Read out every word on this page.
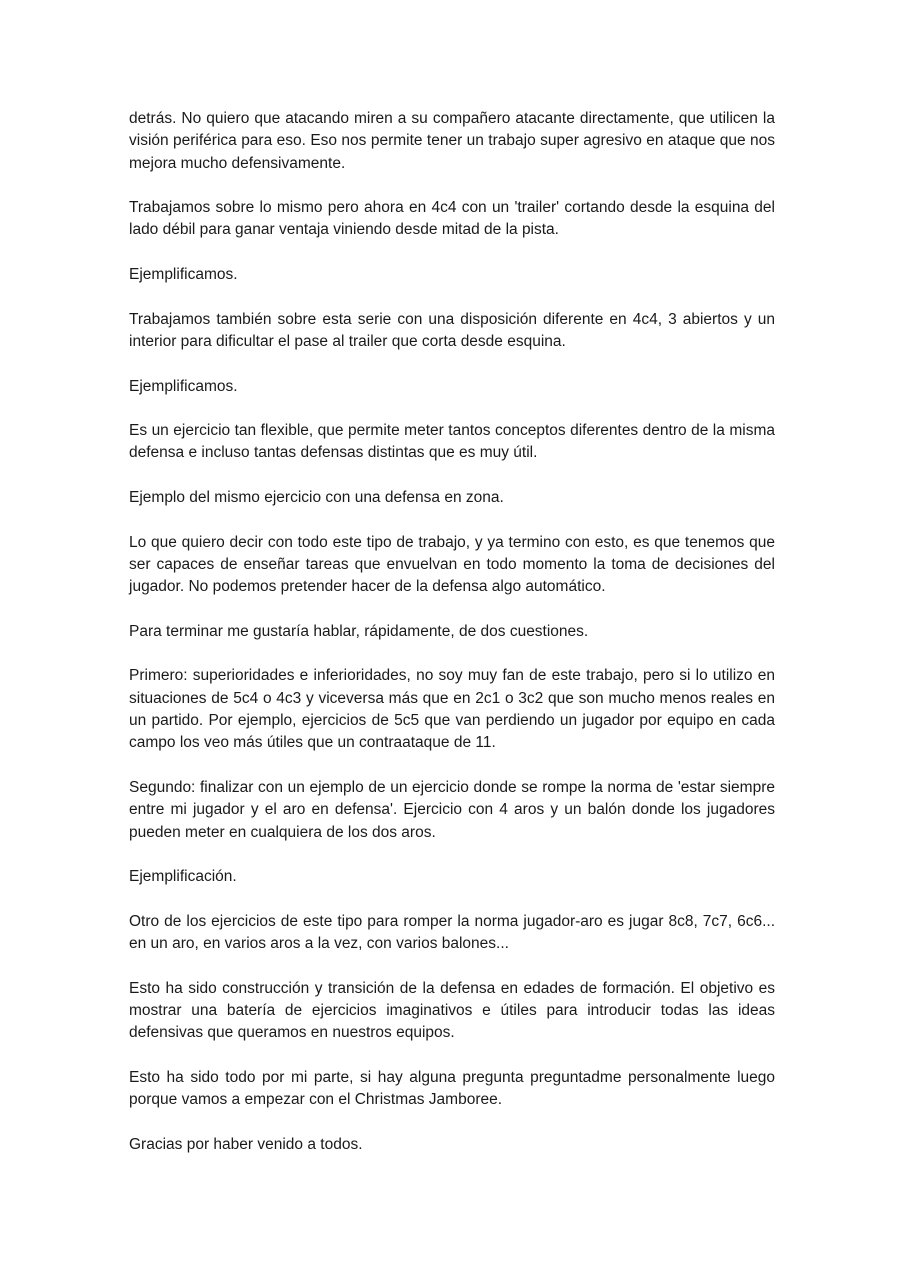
detrás. No quiero que atacando miren a su compañero atacante directamente, que utilicen la visión periférica para eso. Eso nos permite tener un trabajo super agresivo en ataque que nos mejora mucho defensivamente.

Trabajamos sobre lo mismo pero ahora en 4c4 con un 'trailer' cortando desde la esquina del lado débil para ganar ventaja viniendo desde mitad de la pista.

Ejemplificamos.

Trabajamos también sobre esta serie con una disposición diferente en 4c4, 3 abiertos y un interior para dificultar el pase al trailer que corta desde esquina.

Ejemplificamos.

Es un ejercicio tan flexible, que permite meter tantos conceptos diferentes dentro de la misma defensa e incluso tantas defensas distintas que es muy útil.

Ejemplo del mismo ejercicio con una defensa en zona.

Lo que quiero decir con todo este tipo de trabajo, y ya termino con esto, es que tenemos que ser capaces de enseñar tareas que envuelvan en todo momento la toma de decisiones del jugador. No podemos pretender hacer de la defensa algo automático.

Para terminar me gustaría hablar, rápidamente, de dos cuestiones.

Primero: superioridades e inferioridades, no soy muy fan de este trabajo, pero si lo utilizo en situaciones de 5c4 o 4c3 y viceversa más que en 2c1 o 3c2 que son mucho menos reales en un partido. Por ejemplo, ejercicios de 5c5 que van perdiendo un jugador por equipo en cada campo los veo más útiles que un contraataque de 11.

Segundo: finalizar con un ejemplo de un ejercicio donde se rompe la norma de 'estar siempre entre mi jugador y el aro en defensa'. Ejercicio con 4 aros y un balón donde los jugadores pueden meter en cualquiera de los dos aros.

Ejemplificación.

Otro de los ejercicios de este tipo para romper la norma jugador-aro es jugar 8c8, 7c7, 6c6... en un aro, en varios aros a la vez, con varios balones...

Esto ha sido construcción y transición de la defensa en edades de formación. El objetivo es mostrar una batería de ejercicios imaginativos e útiles para introducir todas las ideas defensivas que queramos en nuestros equipos.

Esto ha sido todo por mi parte, si hay alguna pregunta preguntadme personalmente luego porque vamos a empezar con el Christmas Jamboree.

Gracias por haber venido a todos.
